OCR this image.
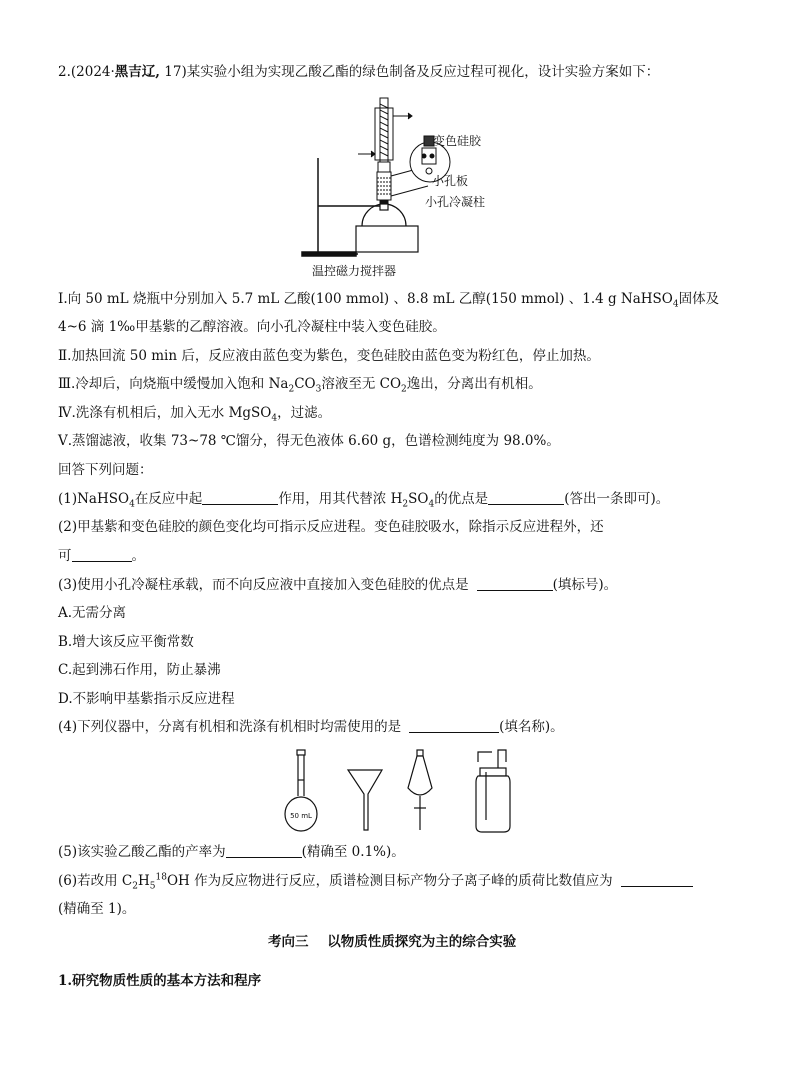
2.(2024·黑吉辽, 17)某实验小组为实现乙酸乙酯的绿色制备及反应过程可视化，设计实验方案如下：
变色硅胶
小孔板
小孔冷凝柱
温控磁力搅拌器
Ⅰ.向 50 mL 烧瓶中分别加入 5.7 mL 乙酸(100 mmol) 、8.8 mL 乙醇(150 mmol) 、1.4 g NaHSO$_4$固体及
4~6 滴 1‰甲基紫的乙醇溶液。向小孔冷凝柱中装入变色硅胶。
Ⅱ.加热回流 50 min 后，反应液由蓝色变为紫色，变色硅胶由蓝色变为粉红色，停止加热。
Ⅲ.冷却后，向烧瓶中缓慢加入饱和 $Na_2CO_3$溶液至无 $CO_2$逸出，分离出有机相。
Ⅳ.洗涤有机相后，加入无水 MgSO$_4$，过滤。
Ⅴ.蒸馏滤液，收集 73~78 ℃馏分，得无色液体 6.60 g，色谱检测纯度为 98.0%。
回答下列问题：
(1)NaHSO$_4$在反应中起	作用，用其代替浓 $H_2SO_4$的优点是	(答出一条即可)。
(2)甲基紫和变色硅胶的颜色变化均可指示反应进程。变色硅胶吸水，除指示反应进程外，还
可	。
(3)使用小孔冷凝柱承载，而不向反应液中直接加入变色硅胶的优点是	(填标号)。
A.无需分离
B.增大该反应平衡常数
C.起到沸石作用，防止暴沸
D.不影响甲基紫指示反应进程
(4)下列仪器中，分离有机相和洗涤有机相时均需使用的是	(填名称)。
50 mL
(5)该实验乙酸乙酯的产率为	(精确至 0.1%)。
(6)若改用 $C_2H_5^{18}OH$ 作为反应物进行反应，质谱检测目标产物分子离子峰的质荷比数值应为
(精确至 1)。
考向三    以物质性质探究为主的综合实验
1.研究物质性质的基本方法和程序
